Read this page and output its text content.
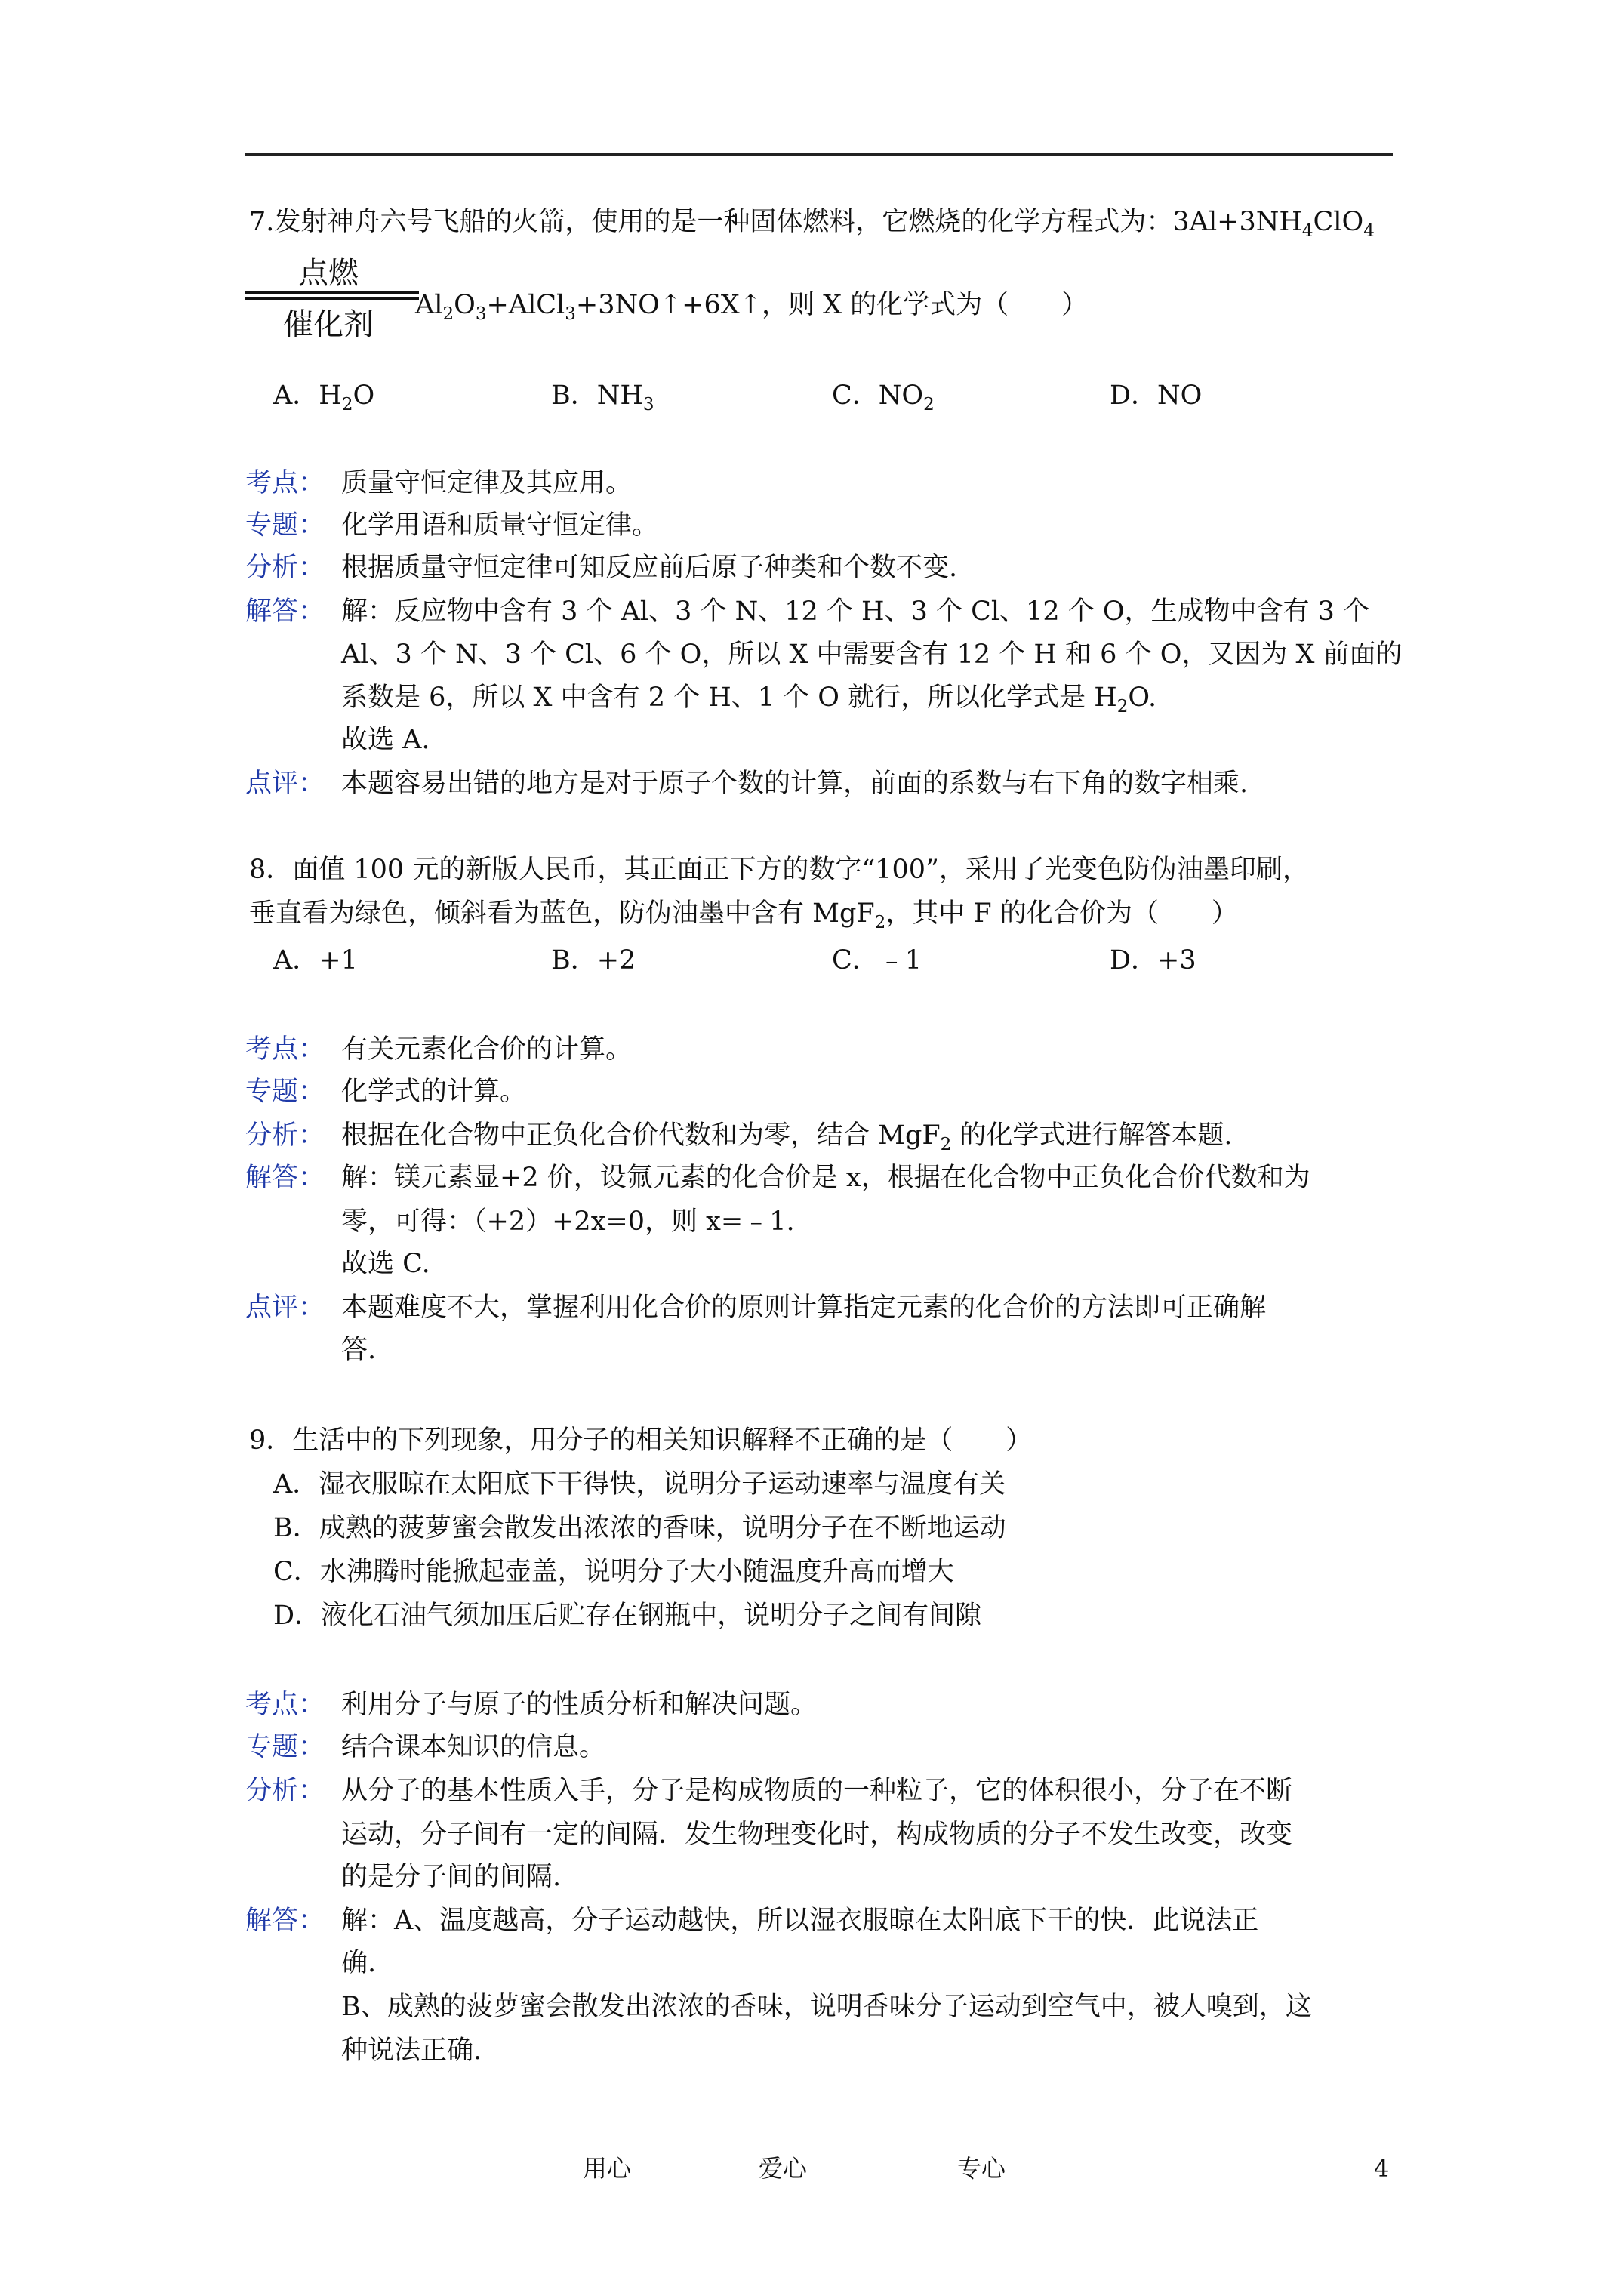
7.发射神舟六号飞船的火箭，使用的是一种固体燃料，它燃烧的化学方程式为：$3Al+3NH_4ClO_4$
点燃
催化剂
$Al_2O_3+AlCl_3+3NO↑+6X↑$，则 X 的化学式为（　　）
A．$H_2O$	B．$NH_3$	C．$NO_2$	D．NO
考点： 质量守恒定律及其应用。
专题： 化学用语和质量守恒定律。
分析： 根据质量守恒定律可知反应前后原子种类和个数不变.
解答： 解：反应物中含有 3 个 Al、3 个 N、12 个 H、3 个 Cl、12 个 O，生成物中含有 3 个
Al、3 个 N、3 个 Cl、6 个 O，所以 X 中需要含有 12 个 H 和 6 个 O，又因为 X 前面的
系数是 6，所以 X 中含有 2 个 H、1 个 O 就行，所以化学式是 $H_2O$.
故选 A.
点评： 本题容易出错的地方是对于原子个数的计算，前面的系数与右下角的数字相乘.
8．面值 100 元的新版人民币，其正面正下方的数字“100”，采用了光变色防伪油墨印刷，
垂直看为绿色，倾斜看为蓝色，防伪油墨中含有 MgF$_2$，其中 F 的化合价为（　　）
A．+1	B．+2	C．﹣1	D．+3
考点： 有关元素化合价的计算。
专题： 化学式的计算。
分析： 根据在化合物中正负化合价代数和为零，结合 MgF$_2$ 的化学式进行解答本题.
解答： 解：镁元素显+2 价，设氟元素的化合价是 x，根据在化合物中正负化合价代数和为
零，可得：（+2）+2x=0，则 x=﹣1.
故选 C.
点评： 本题难度不大，掌握利用化合价的原则计算指定元素的化合价的方法即可正确解
答.
9．生活中的下列现象，用分子的相关知识解释不正确的是（　　）
A．湿衣服晾在太阳底下干得快，说明分子运动速率与温度有关
B．成熟的菠萝蜜会散发出浓浓的香味，说明分子在不断地运动
C．水沸腾时能掀起壶盖，说明分子大小随温度升高而增大
D．液化石油气须加压后贮存在钢瓶中，说明分子之间有间隙
考点： 利用分子与原子的性质分析和解决问题。
专题： 结合课本知识的信息。
分析： 从分子的基本性质入手，分子是构成物质的一种粒子，它的体积很小，分子在不断
运动，分子间有一定的间隔．发生物理变化时，构成物质的分子不发生改变，改变
的是分子间的间隔.
解答： 解：A、温度越高，分子运动越快，所以湿衣服晾在太阳底下干的快．此说法正
确.
B、成熟的菠萝蜜会散发出浓浓的香味，说明香味分子运动到空气中，被人嗅到，这
种说法正确.
用心	爱心	专心	4
